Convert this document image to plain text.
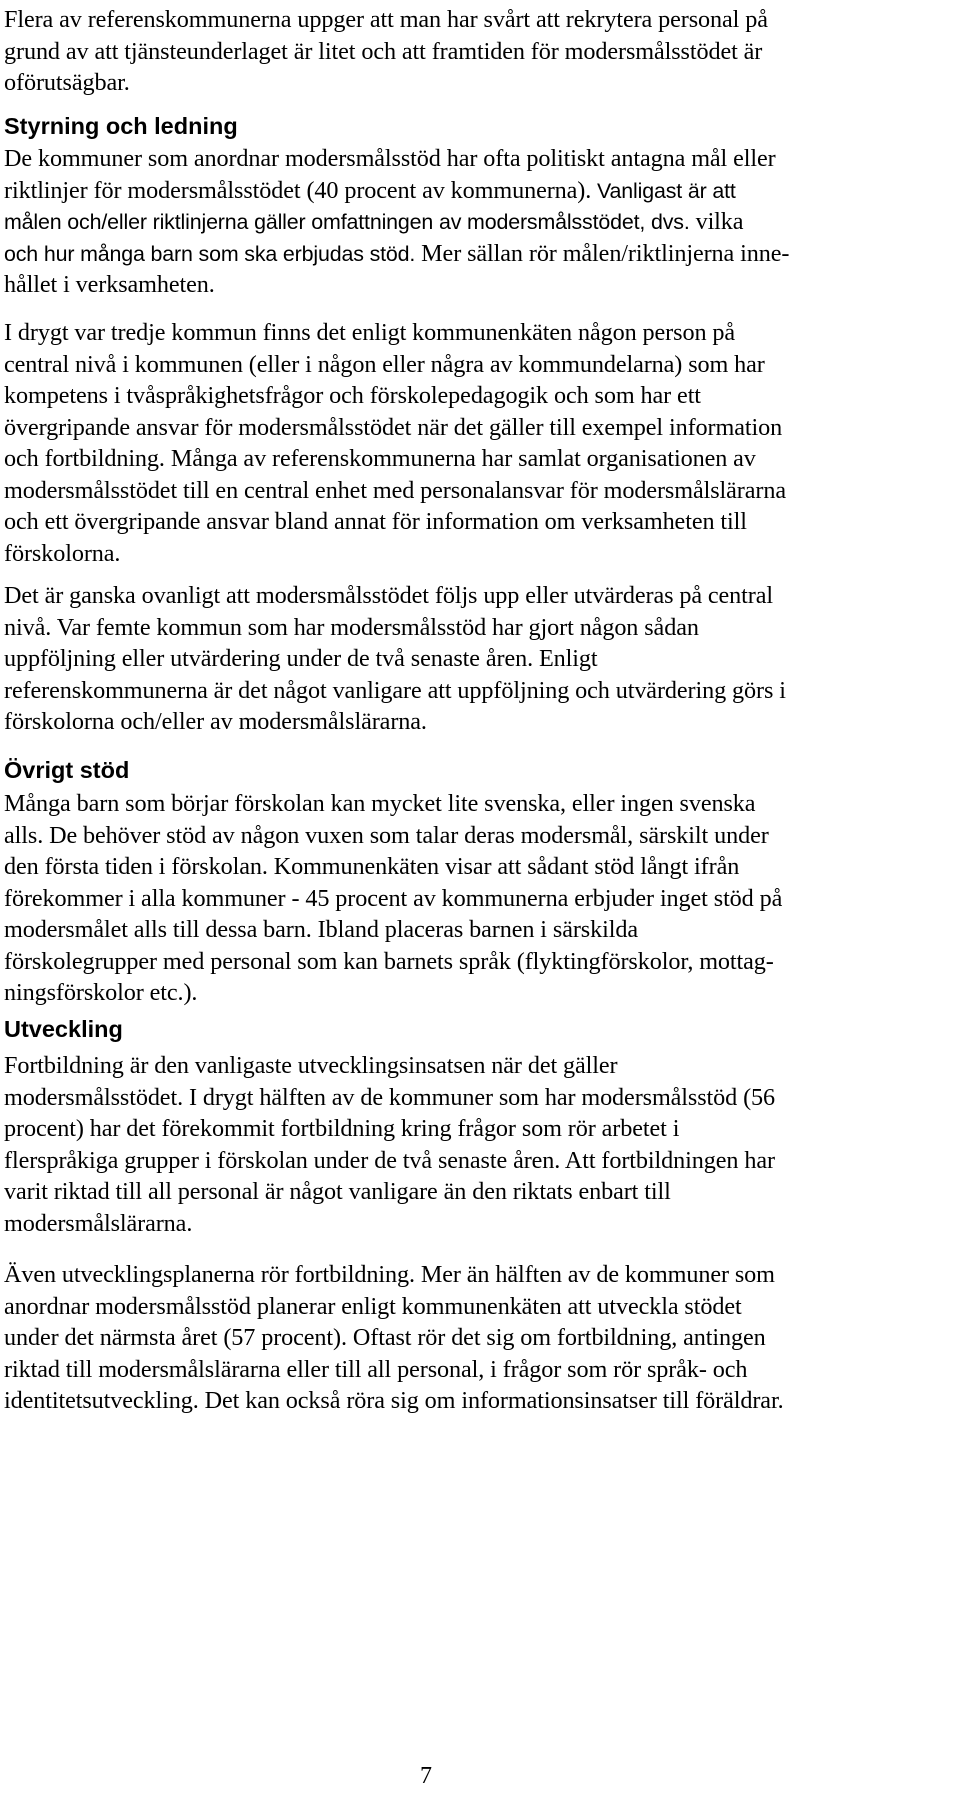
Flera av referenskommunerna uppger att man har svårt att rekrytera personal på
grund av att tjänsteunderlaget är litet och att framtiden för modersmålsstödet är
oförutsägbar.
Styrning och ledning
De kommuner som anordnar modersmålsstöd har ofta politiskt antagna mål eller
riktlinjer för modersmålsstödet (40 procent av kommunerna). Vanligast är att
målen och/eller riktlinjerna gäller omfattningen av modersmålsstödet, dvs. vilka
och hur många barn som ska erbjudas stöd. Mer sällan rör målen/riktlinjerna inne-
hållet i verksamheten.
I drygt var tredje kommun finns det enligt kommunenkäten någon person på
central nivå i kommunen (eller i någon eller några av kommundelarna) som har
kompetens i tvåspråkighetsfrågor och förskolepedagogik och som har ett
övergripande ansvar för modersmålsstödet när det gäller till exempel information
och fortbildning. Många av referenskommunerna har samlat organisationen av
modersmålsstödet till en central enhet med personalansvar för modersmålslärarna
och ett övergripande ansvar bland annat för information om verksamheten till
förskolorna.
Det är ganska ovanligt att modersmålsstödet följs upp eller utvärderas på central
nivå. Var femte kommun som har modersmålsstöd har gjort någon sådan
uppföljning eller utvärdering under de två senaste åren. Enligt
referenskommunerna är det något vanligare att uppföljning och utvärdering görs i
förskolorna och/eller av modersmålslärarna.
Övrigt stöd
Många barn som börjar förskolan kan mycket lite svenska, eller ingen svenska
alls. De behöver stöd av någon vuxen som talar deras modersmål, särskilt under
den första tiden i förskolan. Kommunenkäten visar att sådant stöd långt ifrån
förekommer i alla kommuner - 45 procent av kommunerna erbjuder inget stöd på
modersmålet alls till dessa barn. Ibland placeras barnen i särskilda
förskolegrupper med personal som kan barnets språk (flyktingförskolor, mottag-
ningsförskolor etc.).
Utveckling
Fortbildning är den vanligaste utvecklingsinsatsen när det gäller
modersmålsstödet. I drygt hälften av de kommuner som har modersmålsstöd (56
procent) har det förekommit fortbildning kring frågor som rör arbetet i
flerspråkiga grupper i förskolan under de två senaste åren. Att fortbildningen har
varit riktad till all personal är något vanligare än den riktats enbart till
modersmålslärarna.
Även utvecklingsplanerna rör fortbildning. Mer än hälften av de kommuner som
anordnar modersmålsstöd planerar enligt kommunenkäten att utveckla stödet
under det närmsta året (57 procent). Oftast rör det sig om fortbildning, antingen
riktad till modersmålslärarna eller till all personal, i frågor som rör språk- och
identitetsutveckling. Det kan också röra sig om informationsinsatser till föräldrar.
7
